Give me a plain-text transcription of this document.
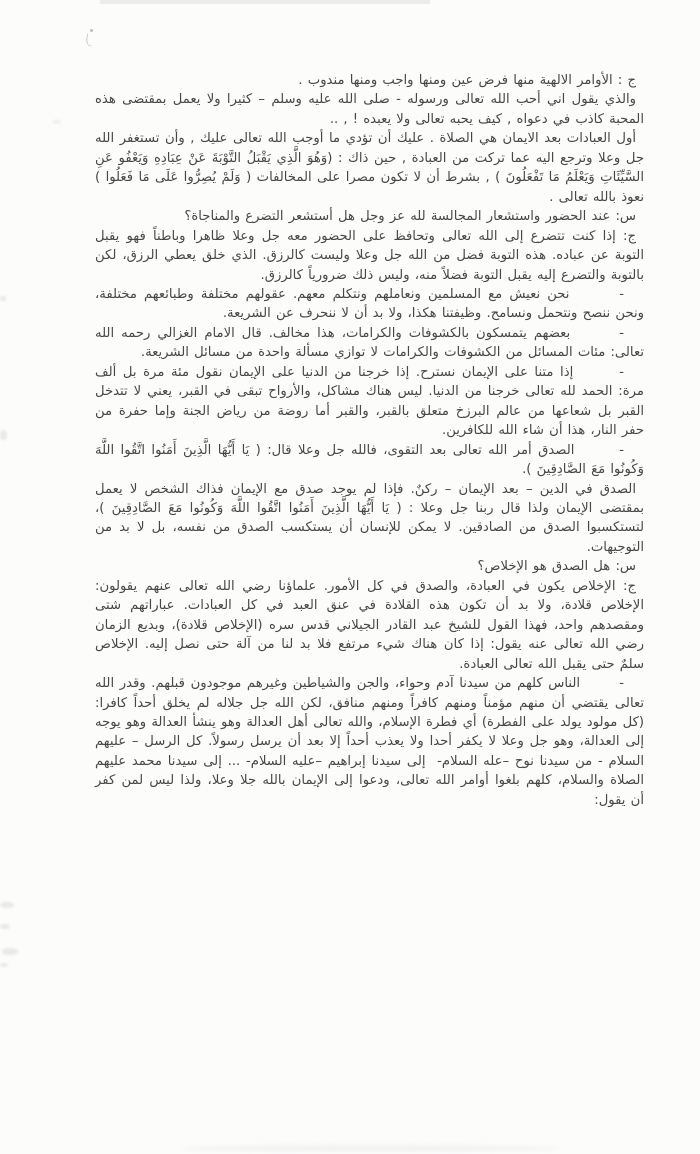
ج : الأوامر الالهية منها فرض عين ومنها واجب ومنها مندوب .

والذي يقول اني أحب الله تعالى ورسوله - صلى الله عليه وسلم – كثيرا ولا يعمل بمقتضى هذه المحبة كاذب في دعواه , كيف يحبه تعالى ولا يعبده ! , ..

أول العبادات بعد الايمان هي الصلاة . عليك أن تؤدي ما أوجب الله تعالى عليك , وأن تستغفر الله جل وعلا وترجع اليه عما تركت من العبادة , حين ذاك : (وَهُوَ الَّذِي يَقْبَلُ التَّوْبَةَ عَنْ عِبَادِهِ وَيَعْفُو عَنِ السَّيِّئَاتِ وَيَعْلَمُ مَا تَفْعَلُونَ ) , بشرط أن لا تكون مصرا على المخالفات ( وَلَمْ يُصِرُّوا عَلَى مَا فَعَلُوا ) نعوذ بالله تعالى .

س: عند الحضور واستشعار المجالسة لله عز وجل هل أستشعر التضرع والمناجاة؟

ج: إذا كنت تتضرع إلى الله تعالى وتحافظ على الحضور معه جل وعلا ظاهرا وباطناً فهو يقبل التوبة عن عباده. هذه التوبة فضل من الله جل وعلا وليست كالرزق. الذي خلق يعطي الرزق، لكن بالتوبة والتضرع إليه يقبل التوبة فضلاً منه، وليس ذلك ضرورياً كالرزق.

-       نحن نعيش مع المسلمين ونعاملهم ونتكلم معهم. عقولهم مختلفة وطبائعهم مختلفة، ونحن ننصح ونتحمل ونسامح. وظيفتنا هكذا، ولا بد أن لا ننحرف عن الشريعة.

-       بعضهم يتمسكون بالكشوفات والكرامات، هذا مخالف. قال الامام الغزالي رحمه الله تعالى: مئات المسائل من الكشوفات والكرامات لا توازي مسألة واحدة من مسائل الشريعة.

-       إذا متنا على الإيمان نسترح. إذا خرجنا من الدنيا على الإيمان نقول مئة مرة بل ألف مرة: الحمد لله تعالى خرجنا من الدنيا. ليس هناك مشاكل، والأرواح تبقى في القبر، يعني لا تتدخل القبر بل شعاعها من عالم البرزخ متعلق بالقبر، والقبر أما روضة من رياض الجنة وإما حفرة من حفر النار، هذا أن شاء الله للكافرين.

-       الصدق أمر الله تعالى بعد التقوى، فالله جل وعلا قال: ( يَا أَيُّهَا الَّذِينَ أَمَنُوا اتَّقُوا اللَّهَ وَكُونُوا مَعَ الصَّادِقِينَ ).

الصدق في الدين – بعد الإيمان – ركنٌ. فإذا لم يوجد صدق مع الإيمان فذاك الشخص لا يعمل بمقتضى الإيمان ولذا قال ربنا جل وعلا : ( يَا أَيُّهَا الَّذِينَ أَمَنُوا اتَّقُوا اللَّهَ وَكُونُوا مَعَ الصَّادِقِينَ )، لتستكسبوا الصدق من الصادقين. لا يمكن للإنسان أن يستكسب الصدق من نفسه، بل لا بد من التوجيهات.

س: هل الصدق هو الإخلاص؟

ج: الإخلاص يكون في العبادة، والصدق في كل الأمور. علماؤنا رضي الله تعالى عنهم يقولون: الإخلاص قلادة، ولا بد أن تكون هذه القلادة في عنق العبد في كل العبادات. عباراتهم شتى ومقصدهم واحد، فهذا القول للشيخ عبد القادر الجيلاني قدس سره (الإخلاص قلادة)، وبديع الزمان رضي الله تعالى عنه يقول: إذا كان هناك شيء مرتفع فلا بد لنا من آلة حتى نصل إليه. الإخلاص سلمٌ حتى يقبل الله تعالى العبادة.

-       الناس كلهم من سيدنا آدم وحواء، والجن والشياطين وغيرهم موجودون قبلهم. وقدر الله تعالى يقتضي أن منهم مؤمناً ومنهم كافراً ومنهم منافق، لكن الله جل جلاله لم يخلق أحداً كافرا: (كل مولود يولد على الفطرة) أي فطرة الإسلام، والله تعالى أهل العدالة وهو ينشأ العدالة وهو يوجه إلى العدالة، وهو جل وعلا لا يكفر أحدا ولا يعذب أحداً إلا بعد أن يرسل رسولاً. كل الرسل – عليهم السلام - من سيدنا نوح –عله السلام-  إلى سيدنا إبراهيم –عليه السلام- ... إلى سيدنا محمد عليهم الصلاة والسلام، كلهم بلغوا أوامر الله تعالى، ودعوا إلى الإيمان بالله جلا وعلا، ولذا ليس لمن كفر أن يقول:
